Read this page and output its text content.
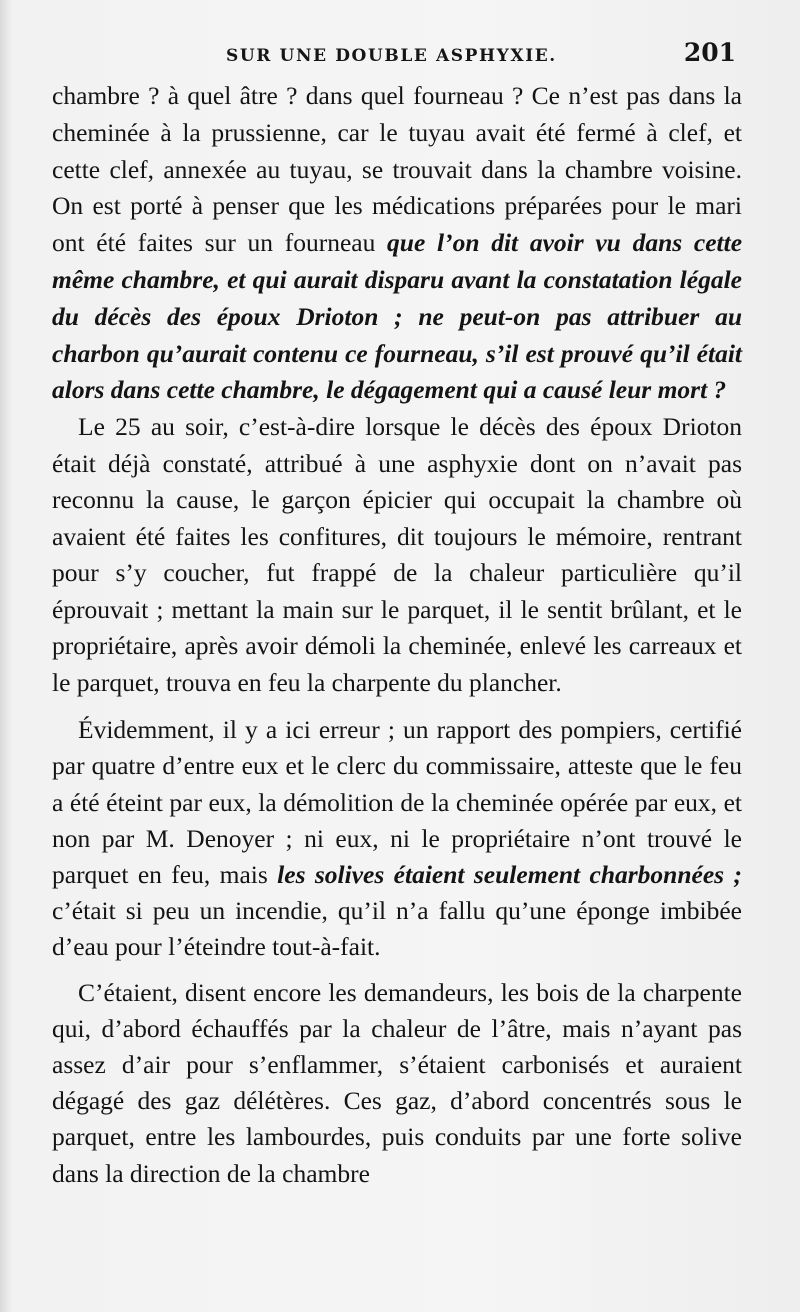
SUR UNE DOUBLE ASPHYXIE.	201

chambre ? à quel âtre ? dans quel fourneau ? Ce n’est pas dans la cheminée à la prussienne, car le tuyau avait été fermé à clef, et cette clef, annexée au tuyau, se trouvait dans la chambre voisine. On est porté à penser que les médications préparées pour le mari ont été faites sur un fourneau que l’on dit avoir vu dans cette même chambre, et qui aurait disparu avant la constatation légale du décès des époux Drioton ; ne peut-on pas attribuer au charbon qu’aurait contenu ce fourneau, s’il est prouvé qu’il était alors dans cette chambre, le dégagement qui a causé leur mort ?

Le 25 au soir, c’est-à-dire lorsque le décès des époux Drioton était déjà constaté, attribué à une asphyxie dont on n’avait pas reconnu la cause, le garçon épicier qui occupait la chambre où avaient été faites les confitures, dit toujours le mémoire, rentrant pour s’y coucher, fut frappé de la chaleur particulière qu’il éprouvait ; mettant la main sur le parquet, il le sentit brûlant, et le propriétaire, après avoir démoli la cheminée, enlevé les carreaux et le parquet, trouva en feu la charpente du plancher.

Évidemment, il y a ici erreur ; un rapport des pompiers, certifié par quatre d’entre eux et le clerc du commissaire, atteste que le feu a été éteint par eux, la démolition de la cheminée opérée par eux, et non par M. Denoyer ; ni eux, ni le propriétaire n’ont trouvé le parquet en feu, mais les solives étaient seulement charbonnées ; c’était si peu un incendie, qu’il n’a fallu qu’une éponge imbibée d’eau pour l’éteindre tout-à-fait.

C’étaient, disent encore les demandeurs, les bois de la charpente qui, d’abord échauffés par la chaleur de l’âtre, mais n’ayant pas assez d’air pour s’enflammer, s’étaient carbonisés et auraient dégagé des gaz délétères. Ces gaz, d’abord concentrés sous le parquet, entre les lambourdes, puis conduits par une forte solive dans la direction de la chambre
